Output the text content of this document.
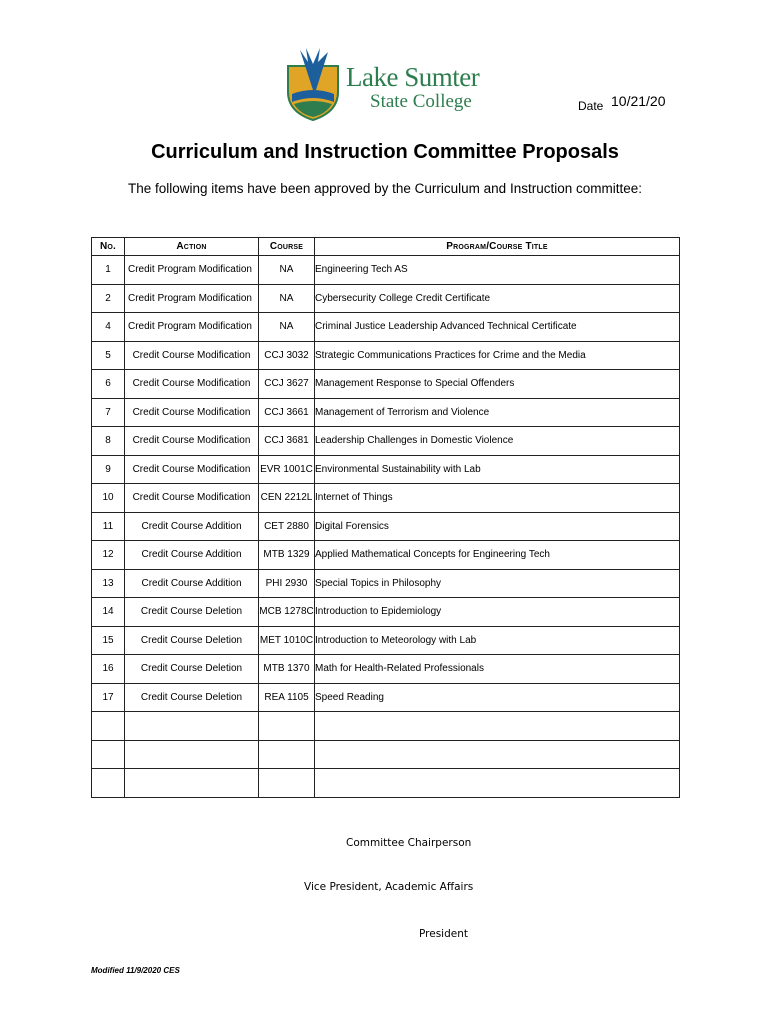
Lake Sumter
State College	Date 10/21/20
Curriculum and Instruction Committee Proposals
The following items have been approved by the Curriculum and Instruction committee:
No.	Action	Course	Program/Course Title
1	Credit Program Modification	NA	Engineering Tech AS
2	Credit Program Modification	NA	Cybersecurity College Credit Certificate
4	Credit Program Modification	NA	Criminal Justice Leadership Advanced Technical Certificate
5	Credit Course Modification	CCJ 3032	Strategic Communications Practices for Crime and the Media
6	Credit Course Modification	CCJ 3627	Management Response to Special Offenders
7	Credit Course Modification	CCJ 3661	Management of Terrorism and Violence
8	Credit Course Modification	CCJ 3681	Leadership Challenges in Domestic Violence
9	Credit Course Modification	EVR 1001C	Environmental Sustainability with Lab
10	Credit Course Modification	CEN 2212L	Internet of Things
11	Credit Course Addition	CET 2880	Digital Forensics
12	Credit Course Addition	MTB 1329	Applied Mathematical Concepts for Engineering Tech
13	Credit Course Addition	PHI 2930	Special Topics in Philosophy
14	Credit Course Deletion	MCB 1278C	Introduction to Epidemiology
15	Credit Course Deletion	MET 1010C	Introduction to Meteorology with Lab
16	Credit Course Deletion	MTB 1370	Math for Health-Related Professionals
17	Credit Course Deletion	REA 1105	Speed Reading

Committee Chairperson
Vice President, Academic Affairs
President
Modified 11/9/2020 CES
